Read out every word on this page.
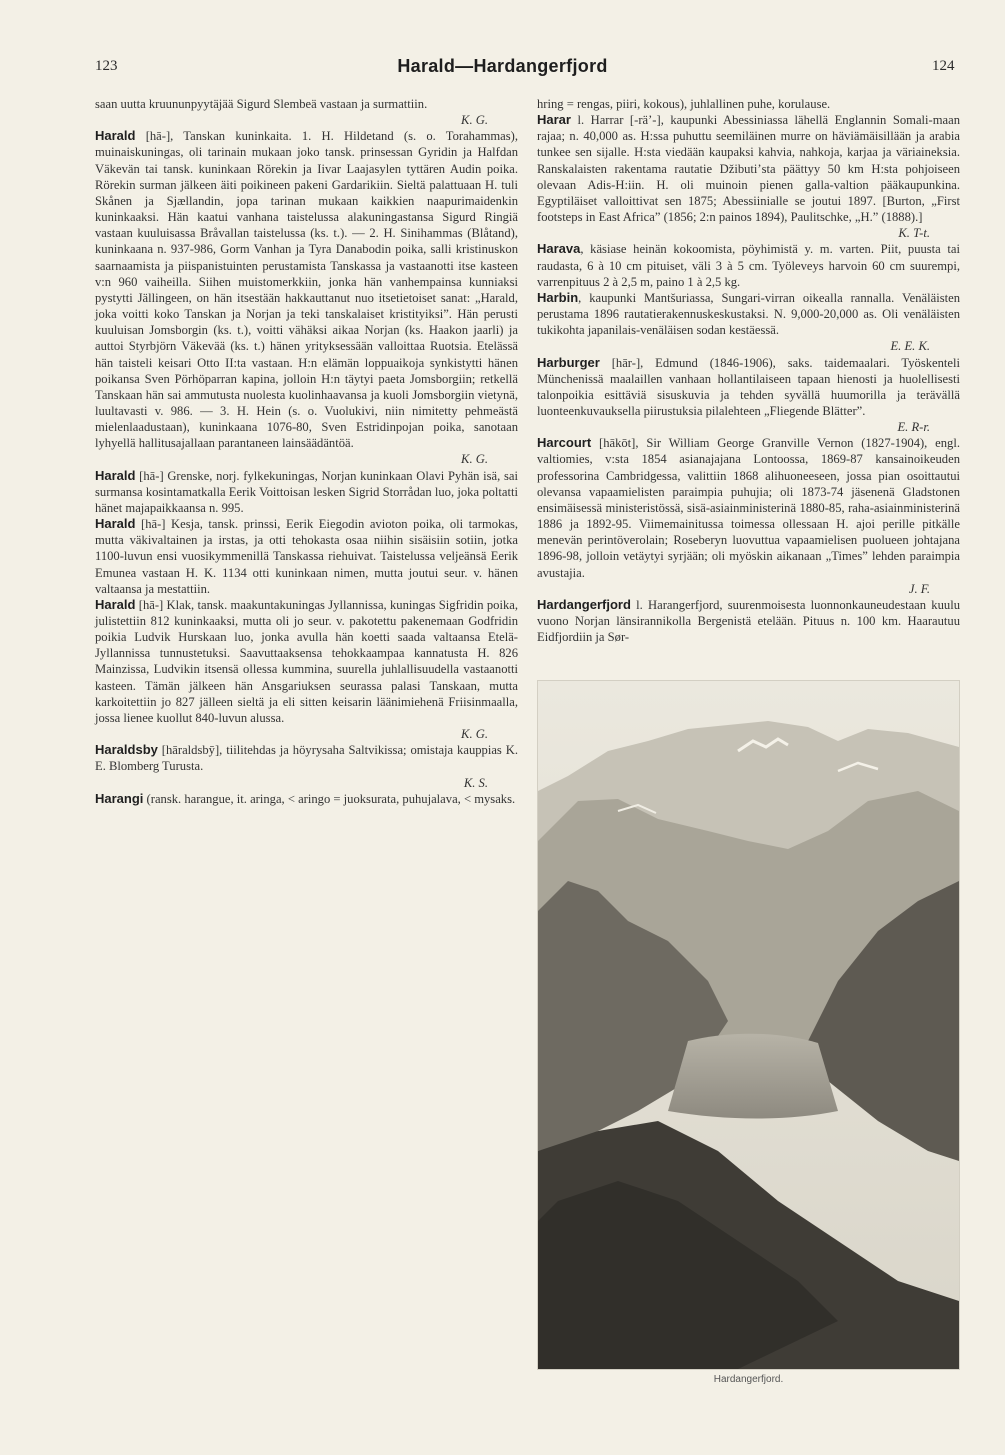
123	Harald—Hardangerfjord	124

saan uutta kruununpyytäjää Sigurd Slembeä vastaan ja surmattiin.
K. G.

Harald [hā-], Tanskan kuninkaita. 1. H. Hildetand (s. o. Torahammas), muinaiskuningas, oli tarinain mukaan joko tansk. prinsessan Gyridin ja Halfdan Väkevän tai tansk. kuninkaan Rörekin ja Iivar Laajasylen tyttären Audin poika. Rörekin surman jälkeen äiti poikineen pakeni Gardarikiin. Sieltä palattuaan H. tuli Skånen ja Sjællandin, jopa tarinan mukaan kaikkien naapurimaidenkin kuninkaaksi. Hän kaatui vanhana taistelussa alakuningastansa Sigurd Ringiä vastaan kuuluisassa Bråvallan taistelussa (ks. t.). — 2. H. Sinihammas (Blåtand), kuninkaana n. 937-986, Gorm Vanhan ja Tyra Danabodin poika, salli kristinuskon saarnaamista ja piispanistuinten perustamista Tanskassa ja vastaanotti itse kasteen v:n 960 vaiheilla. Siihen muistomerkkiin, jonka hän vanhempainsa kunniaksi pystytti Jällingeen, on hän itsestään hakkauttanut nuo itsetietoiset sanat: „Harald, joka voitti koko Tanskan ja Norjan ja teki tanskalaiset kristityiksi”. Hän perusti kuuluisan Jomsborgin (ks. t.), voitti vähäksi aikaa Norjan (ks. Haakon jaarli) ja auttoi Styrbjörn Väkevää (ks. t.) hänen yrityksessään valloittaa Ruotsia. Eteläss​ä hän taisteli keisari Otto II:ta vastaan. H:n elämän loppuaikoja synkistytti hänen poikansa Sven Pörhöparran kapina, jolloin H:n täytyi paeta Jomsborgiin; retkellä Tanskaan hän sai ammutusta nuolesta kuolinhaavansa ja kuoli Jomsborgiin vietynä, luultavasti v. 986. — 3. H. Hein (s. o. Vuolukivi, niin nimitetty pehmeästä mielenlaadustaan), kuninkaana 1076-80, Sven Estridinpojan poika, sanotaan lyhyellä hallitusajallaan parantaneen lainsäädäntöä.
K. G.

Harald [hā-] Grenske, norj. fylkekuningas, Norjan kuninkaan Olavi Pyhän isä, sai surmansa kosintamatkalla Eerik Voittoisan lesken Sigrid Storrådan luo, joka poltatti hänet majapaikkaansa n. 995.

Harald [hā-] Kesja, tansk. prinssi, Eerik Eiegodin avioton poika, oli tarmokas, mutta väkivaltainen ja irstas, ja otti tehokasta osaa niihin sisäisiin sotiin, jotka 1100-luvun ensi vuosikymmenillä Tanskassa riehuivat. Taistelussa veljeänsä Eerik Emunea vastaan H. K. 1134 otti kuninkaan nimen, mutta joutui seur. v. hänen valtaansa ja mestattiin.

Harald [hā-] Klak, tansk. maakuntakuningas Jyllannissa, kuningas Sigfridin poika, julistettiin 812 kuninkaaksi, mutta oli jo seur. v. pakotettu pakenemaan Godfridin poikia Ludvik Hurskaan luo, jonka avulla hän koetti saada valtaansa Etelä-Jyllannissa tunnustetuksi. Saavuttaaksensa tehokkaampaa kannatusta H. 826 Mainzissa, Ludvikin itsensä ollessa kummina, suurella juhlallisuudella vastaanotti kasteen. Tämän jälkeen hän Ansgariuksen seurassa palasi Tanskaan, mutta karkoitettiin jo 827 jälleen sieltä ja eli sitten keisarin läänimiehenä Friisinmaalla, jossa lienee kuollut 840-luvun alussa.
K. G.

Haraldsby [hāraldsbȳ], tiilitehdas ja höyrysaha Saltvikissa; omistaja kauppias K. E. Blomberg Turusta.
K. S.

Harangi (ransk. harangue, it. aringa, < aringo = juoksurata, puhujalava, < mysaks.

hring = rengas, piiri, kokous), juhlallinen puhe, korulause.

Harar l. Harrar [-rä’-], kaupunki Abessiniassa lähellä Englannin Somali-maan rajaa; n. 40,000 as. H:ssa puhuttu seemiläinen murre on häviämäisillään ja arabia tunkee sen sijalle. H:sta viedään kaupaksi kahvia, nahkoja, karjaa ja väriaineksia. Ranskalaisten rakentama rautatie Džibutiʼsta päättyy 50 km H:sta pohjoiseen olevaan Adis-H:iin. H. oli muinoin pienen galla-valtion pääkaupunkina. Egyptiläiset valloittivat sen 1875; Abessiinialle se joutui 1897. [Burton, „First footsteps in East Africa” (1856; 2:n painos 1894), Paulitschke, „H.” (1888).]
K. T-t.

Harava, käsiase heinän kokoomista, pöyhimistä y. m. varten. Piit, puusta tai raudasta, 6 à 10 cm pituiset, väli 3 à 5 cm. Työleveys harvoin 60 cm suurempi, varrenpituus 2 à 2,5 m, paino 1 à 2,5 kg.

Harbin, kaupunki Mantšuriassa, Sungari-virran oikealla rannalla. Venäläisten perustama 1896 rautatierakennuskeskustaksi. N. 9,000-20,000 as. Oli venäläisten tukikohta japanilais-venäläisen sodan kestäessä.
E. E. K.

Harburger [hār-], Edmund (1846-1906), saks. taidemaalari. Työskenteli Münchenissä maalaillen vanhaan hollantilaiseen tapaan hienosti ja huolellisesti talonpoikia esittäviä sisuskuvia ja tehden syvällä huumorilla ja terävällä luonteenkuvauksella piirustuksia pilalehteen „Fliegende Blätter”.
E. R-r.

Harcourt [hākōt], Sir William George Granville Vernon (1827-1904), engl. valtiomies, v:sta 1854 asianajajana Lontoossa, 1869-87 kansainoikeuden professorina Cambridgessa, valittiin 1868 alihuoneeseen, jossa pian osoittautui olevansa vapaamielisten paraimpia puhujia; oli 1873-74 jäsenenä Gladstonen ensimäisessä ministeristössä, sisä-asiainministerinä 1880-85, raha-asiainministerinä 1886 ja 1892-95. Viimemainitussa toimessa ollessaan H. ajoi perille pitkälle menevän perintöverolain; Roseberyn luovuttua vapaamielisen puolueen johtajana 1896-98, jolloin vetäytyi syrjään; oli myöskin aikanaan „Times” lehden paraimpia avustajia.
J. F.

Hardangerfjord l. Harangerfjord, suurenmoisesta luonnonkauneudestaan kuulu vuono Norjan länsirannikolla Bergenistä etelään. Pituus n. 100 km. Haarautuu Eidfjordiin ja Sør-

Hardangerfjord.
